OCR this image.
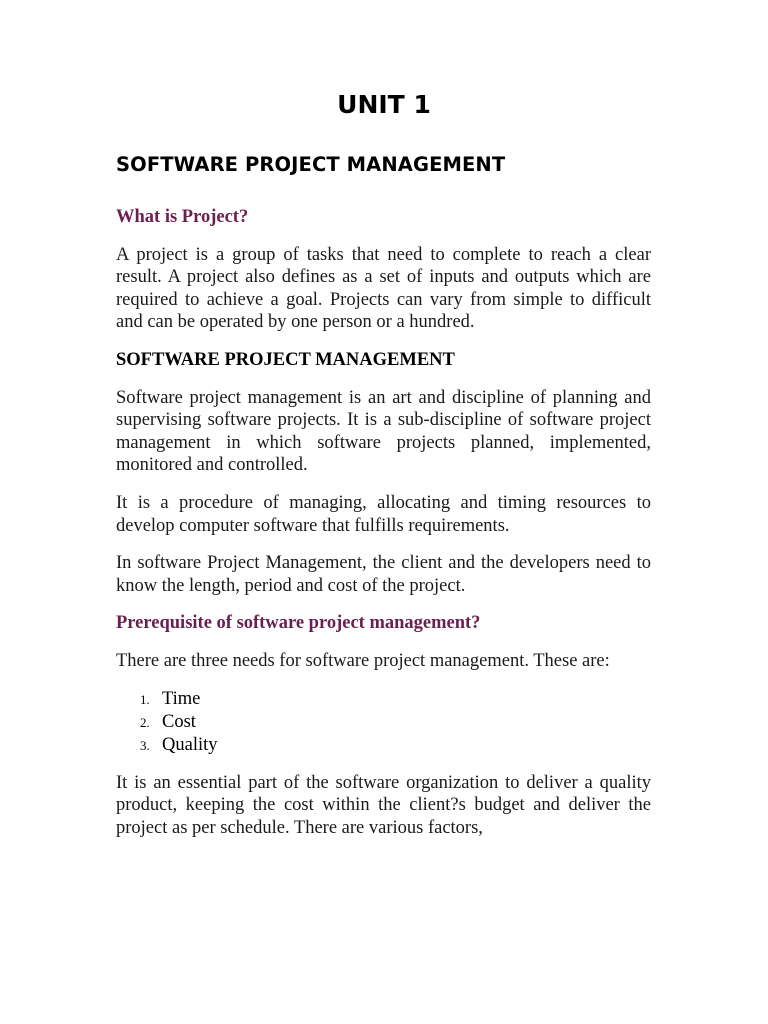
UNIT 1
SOFTWARE PROJECT MANAGEMENT
What is Project?

A project is a group of tasks that need to complete to reach a clear result. A project also defines as a set of inputs and outputs which are required to achieve a goal. Projects can vary from simple to difficult and can be operated by one person or a hundred.

SOFTWARE PROJECT MANAGEMENT

Software project management is an art and discipline of planning and supervising software projects. It is a sub-discipline of software project management in which software projects planned, implemented, monitored and controlled.

It is a procedure of managing, allocating and timing resources to develop computer software that fulfills requirements.

In software Project Management, the client and the developers need to know the length, period and cost of the project.

Prerequisite of software project management?

There are three needs for software project management. These are:

1. Time
2. Cost
3. Quality

It is an essential part of the software organization to deliver a quality product, keeping the cost within the client?s budget and deliver the project as per schedule. There are various factors,
